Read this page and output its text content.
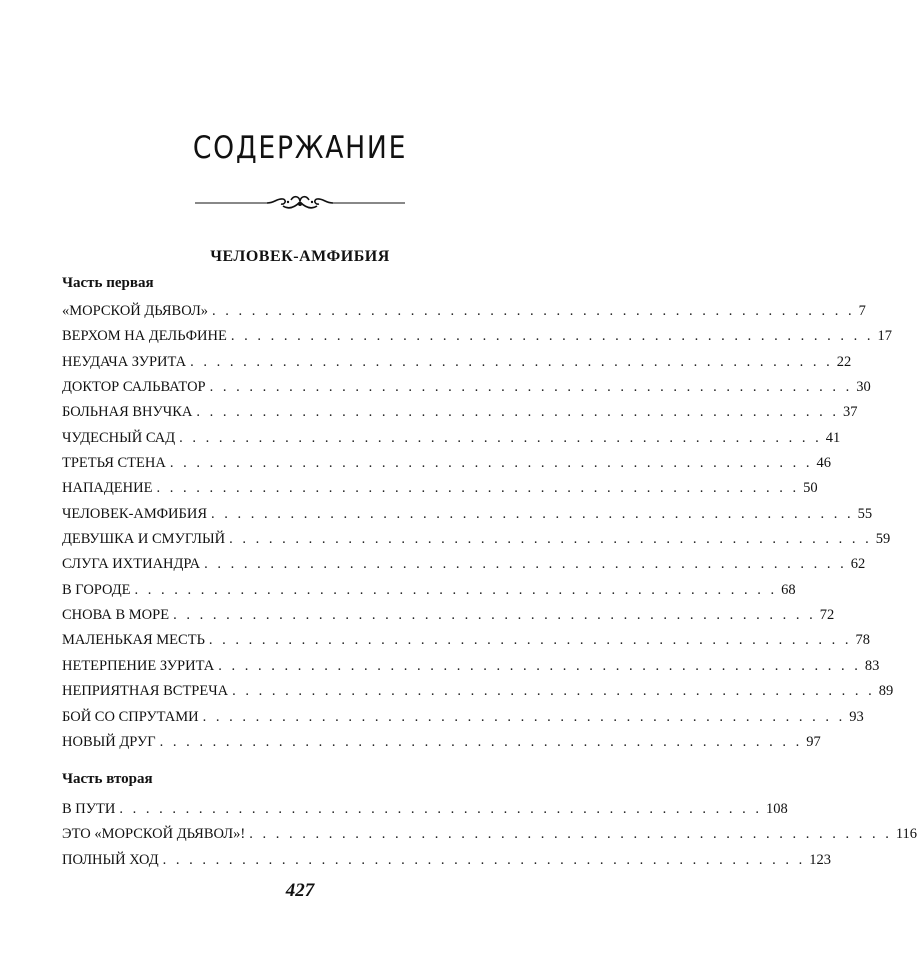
СОДЕРЖАНИЕ
ЧЕЛОВЕК-АМФИБИЯ
Часть первая
«МОРСКОЙ ДЬЯВОЛ» . . . . . . . . . . . . . . . . . . . . . . . . . . . . . . . . . . . . . . . . . . . . . . . . . 7
ВЕРХОМ НА ДЕЛЬФИНЕ . . . . . . . . . . . . . . . . . . . . . . . . . . . . . . . . . . . . . . . . . . . . . . . . . 17
НЕУДАЧА ЗУРИТА . . . . . . . . . . . . . . . . . . . . . . . . . . . . . . . . . . . . . . . . . . . . . . . . . 22
ДОКТОР САЛЬВАТОР . . . . . . . . . . . . . . . . . . . . . . . . . . . . . . . . . . . . . . . . . . . . . . . . . 30
БОЛЬНАЯ ВНУЧКА . . . . . . . . . . . . . . . . . . . . . . . . . . . . . . . . . . . . . . . . . . . . . . . . . 37
ЧУДЕСНЫЙ САД . . . . . . . . . . . . . . . . . . . . . . . . . . . . . . . . . . . . . . . . . . . . . . . . . 41
ТРЕТЬЯ СТЕНА . . . . . . . . . . . . . . . . . . . . . . . . . . . . . . . . . . . . . . . . . . . . . . . . . 46
НАПАДЕНИЕ . . . . . . . . . . . . . . . . . . . . . . . . . . . . . . . . . . . . . . . . . . . . . . . . . 50
ЧЕЛОВЕК-АМФИБИЯ . . . . . . . . . . . . . . . . . . . . . . . . . . . . . . . . . . . . . . . . . . . . . . . . . 55
ДЕВУШКА И СМУГЛЫЙ . . . . . . . . . . . . . . . . . . . . . . . . . . . . . . . . . . . . . . . . . . . . . . . . . 59
СЛУГА ИХТИАНДРА . . . . . . . . . . . . . . . . . . . . . . . . . . . . . . . . . . . . . . . . . . . . . . . . . 62
В ГОРОДЕ . . . . . . . . . . . . . . . . . . . . . . . . . . . . . . . . . . . . . . . . . . . . . . . . . 68
СНОВА В МОРЕ . . . . . . . . . . . . . . . . . . . . . . . . . . . . . . . . . . . . . . . . . . . . . . . . . 72
МАЛЕНЬКАЯ МЕСТЬ . . . . . . . . . . . . . . . . . . . . . . . . . . . . . . . . . . . . . . . . . . . . . . . . . 78
НЕТЕРПЕНИЕ ЗУРИТА . . . . . . . . . . . . . . . . . . . . . . . . . . . . . . . . . . . . . . . . . . . . . . . . . 83
НЕПРИЯТНАЯ ВСТРЕЧА . . . . . . . . . . . . . . . . . . . . . . . . . . . . . . . . . . . . . . . . . . . . . . . . . 89
БОЙ СО СПРУТАМИ . . . . . . . . . . . . . . . . . . . . . . . . . . . . . . . . . . . . . . . . . . . . . . . . . 93
НОВЫЙ ДРУГ . . . . . . . . . . . . . . . . . . . . . . . . . . . . . . . . . . . . . . . . . . . . . . . . . 97
Часть вторая
В ПУТИ . . . . . . . . . . . . . . . . . . . . . . . . . . . . . . . . . . . . . . . . . . . . . . . . . 108
ЭТО «МОРСКОЙ ДЬЯВОЛ»! . . . . . . . . . . . . . . . . . . . . . . . . . . . . . . . . . . . . . . . . . . . . . . . . . 116
ПОЛНЫЙ ХОД . . . . . . . . . . . . . . . . . . . . . . . . . . . . . . . . . . . . . . . . . . . . . . . . . 123
427
